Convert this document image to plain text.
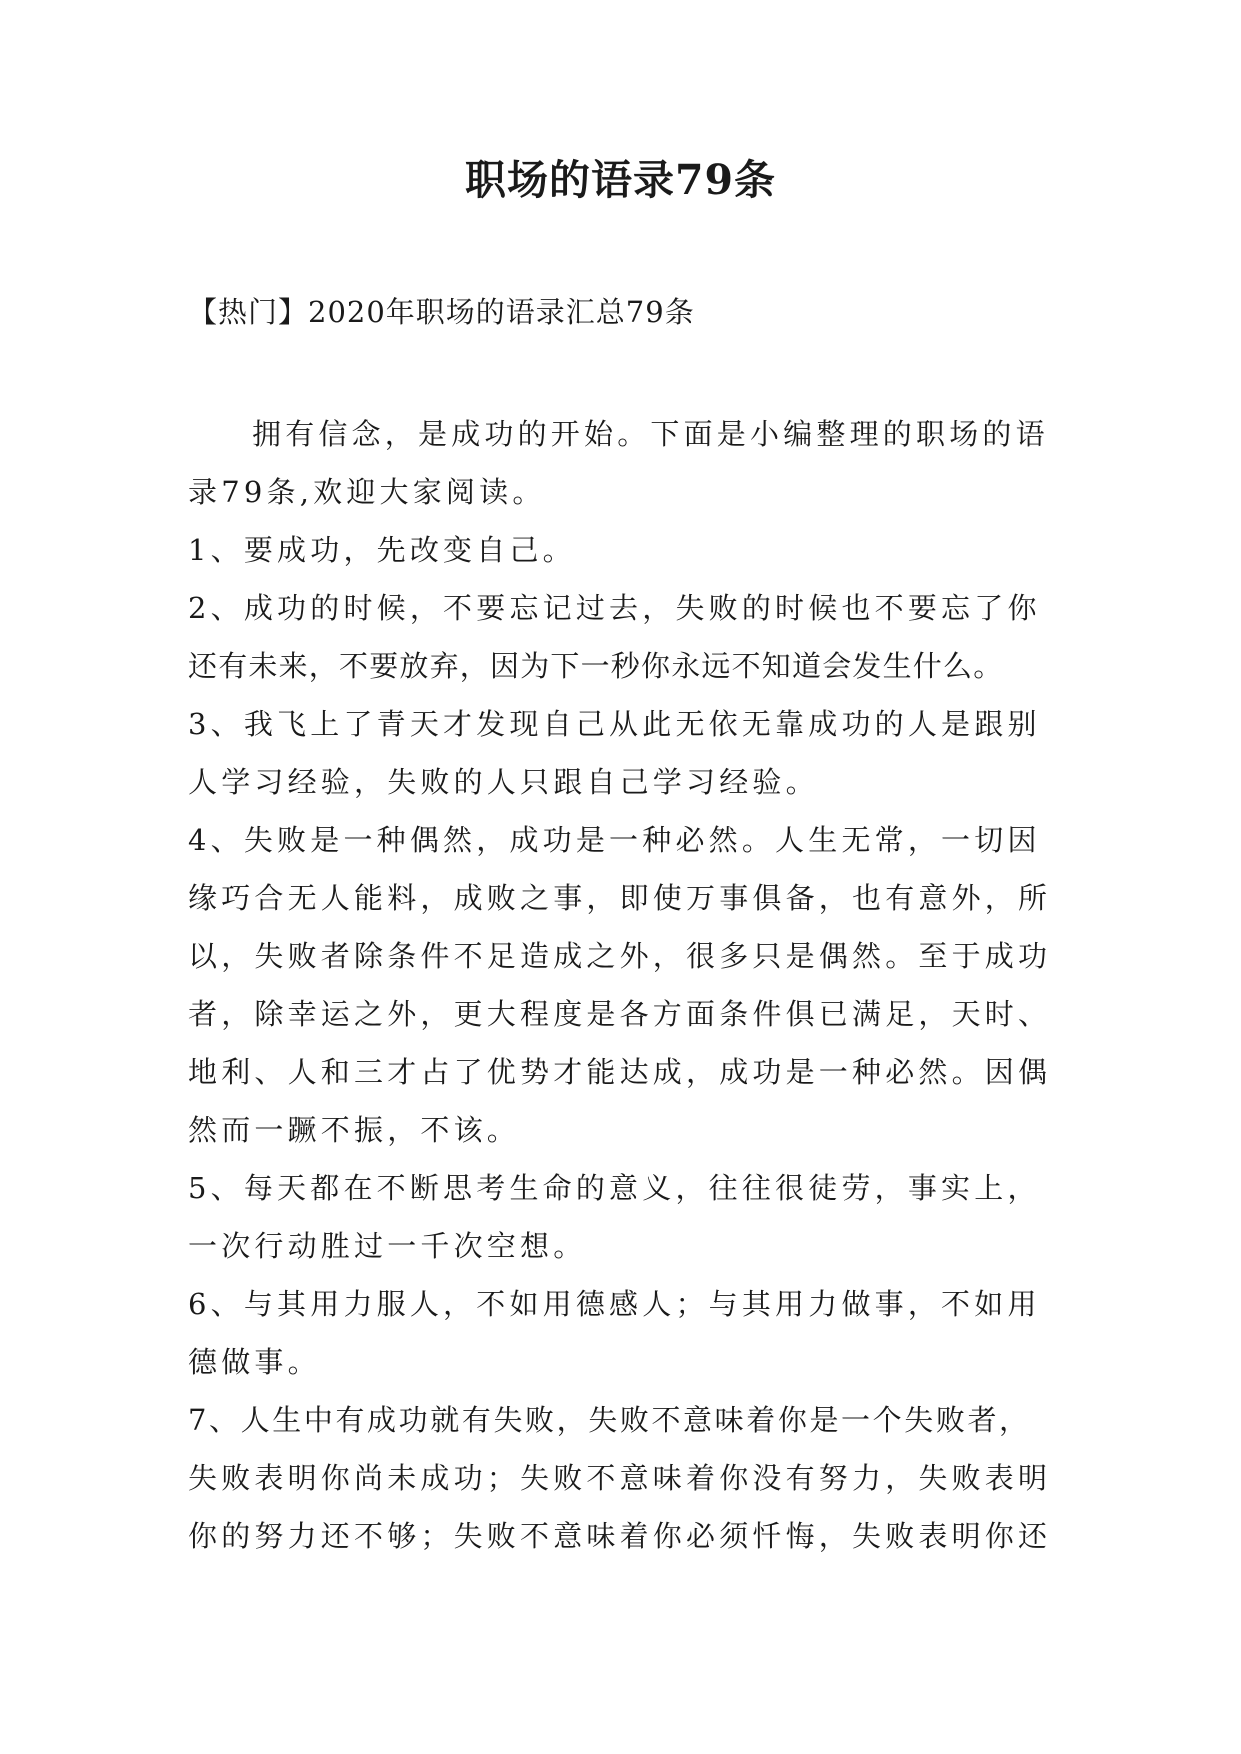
职场的语录79条
【热门】2020年职场的语录汇总79条
拥有信念，是成功的开始。下面是小编整理的职场的语
录79条,欢迎大家阅读。
1、要成功，先改变自己。
2、成功的时候，不要忘记过去，失败的时候也不要忘了你
还有未来，不要放弃，因为下一秒你永远不知道会发生什么。
3、我飞上了青天才发现自己从此无依无靠成功的人是跟别
人学习经验，失败的人只跟自己学习经验。
4、失败是一种偶然，成功是一种必然。人生无常，一切因
缘巧合无人能料，成败之事，即使万事俱备，也有意外，所
以，失败者除条件不足造成之外，很多只是偶然。至于成功
者，除幸运之外，更大程度是各方面条件俱已满足，天时、
地利、人和三才占了优势才能达成，成功是一种必然。因偶
然而一蹶不振，不该。
5、每天都在不断思考生命的意义，往往很徒劳，事实上，
一次行动胜过一千次空想。
6、与其用力服人，不如用德感人；与其用力做事，不如用
德做事。
7、人生中有成功就有失败，失败不意味着你是一个失败者，
失败表明你尚未成功；失败不意味着你没有努力，失败表明
你的努力还不够；失败不意味着你必须忏悔，失败表明你还
